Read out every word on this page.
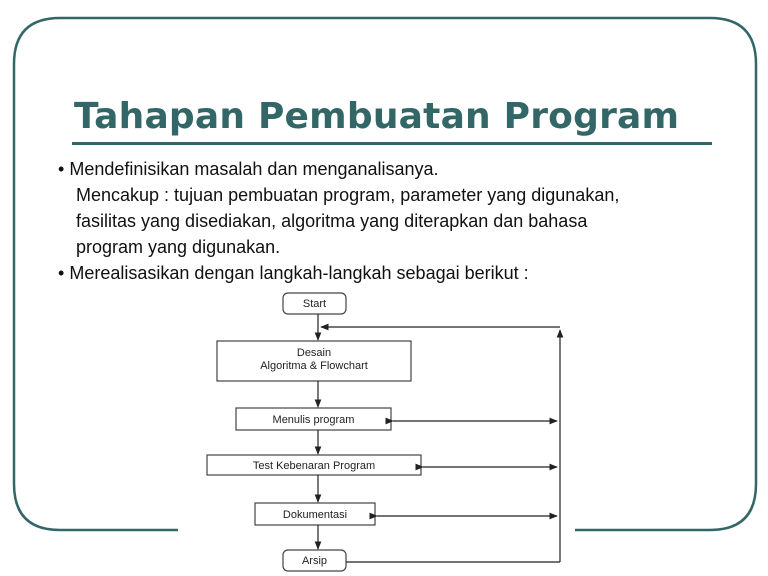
Tahapan Pembuatan Program
• Mendefinisikan masalah dan menganalisanya.
Mencakup : tujuan pembuatan program, parameter yang digunakan,
fasilitas yang disediakan, algoritma yang diterapkan dan bahasa
program yang digunakan.
• Merealisasikan dengan langkah-langkah sebagai berikut :
Start
Desain
Algoritma & Flowchart
Menulis program
Test Kebenaran Program
Dokumentasi
Arsip
